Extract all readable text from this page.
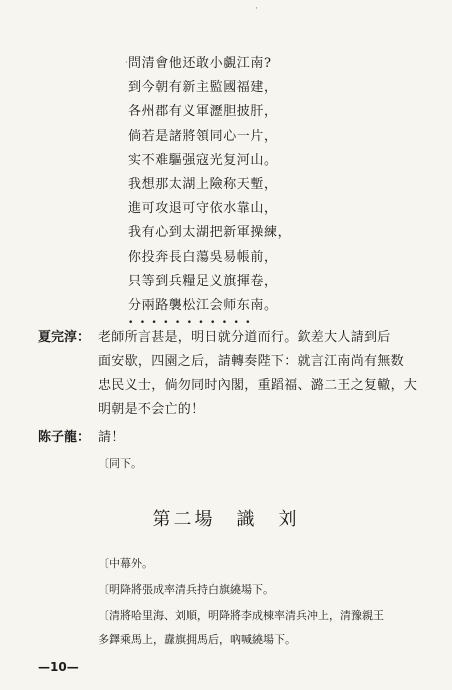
·
· 問清會他还敢小覷江南?
到今朝有新主監國福建，
各州郡有义軍瀝胆披肝，
倘若是諸將領同心一片，
实不难驅强寇光复河山。
我想那太湖上險称天塹，
進可攻退可守依水靠山，
我有心到太湖把新軍操練，
你投奔長白蕩吳易帳前，
只等到兵糧足义旗揮卷，
分兩路襲松江会师东南。
•••••••••••
夏完淳： 老師所言甚是，明日就分道而行。欽差大人請到后
面安歇，四園之后，請轉奏陛下：就言江南尚有無数
忠民义士，倘勿同时內閣，重蹈福、潞二王之复轍，大
明朝是不会亡的！
陈子龍： 請！
〔同下。
第二場　識　刘
〔中幕外。
〔明降將張成率清兵持白旗繞場下。
〔清將哈里海、刘順，明降將李成棟率清兵冲上，清豫親王
多鐸乘馬上，纛旗拥馬后，吶喊繞場下。
—10—
